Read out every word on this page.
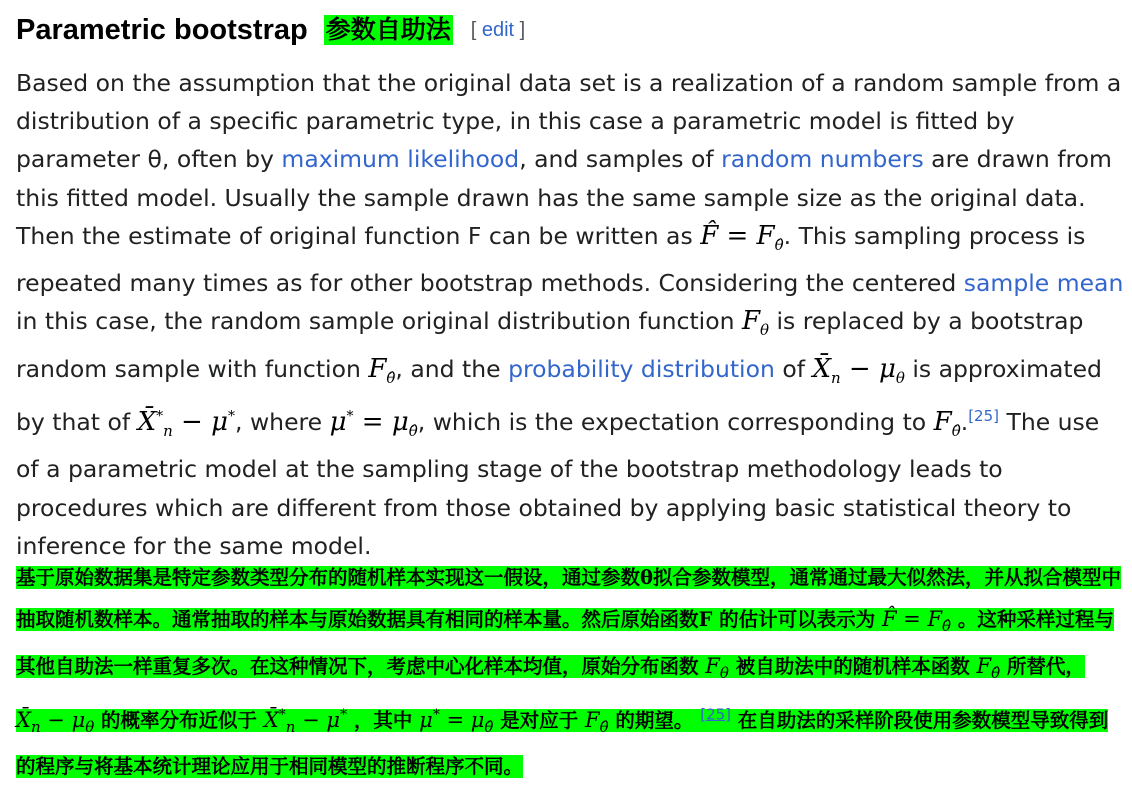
Parametric bootstrap 参数自助法 [ edit ]

Based on the assumption that the original data set is a realization of a random sample from a distribution of a specific parametric type, in this case a parametric model is fitted by parameter θ, often by maximum likelihood, and samples of random numbers are drawn from this fitted model. Usually the sample drawn has the same sample size as the original data. Then the estimate of original function F can be written as F̂ = $F_{\thetâ}$. This sampling process is repeated many times as for other bootstrap methods. Considering the centered sample mean in this case, the random sample original distribution function $F_\theta$ is replaced by a bootstrap random sample with function $F_{\thetâ}$, and the probability distribution of $X̄_n - \mu_\theta$ is approximated by that of $X̄^*_n - \mu^*$, where $\mu^* = \mu_{\thetâ}$, which is the expectation corresponding to $F_{\thetâ}.[25]$ The use of a parametric model at the sampling stage of the bootstrap methodology leads to procedures which are different from those obtained by applying basic statistical theory to inference for the same model.

基于原始数据集是特定参数类型分布的随机样本实现这一假设，通过参数θ拟合参数模型，通常通过最大似然法，并从拟合模型中抽取随机数样本。通常抽取的样本与原始数据具有相同的样本量。然后原始函数F 的估计可以表示为 F̂ = $F_{\thetâ}$ 。这种采样过程与其他自助法一样重复多次。在这种情况下，考虑中心化样本均值，原始分布函数 $F_\theta$ 被自助法中的随机样本函数 $F_{\thetâ}$ 所替代， $X̄_n - \mu_\theta$ 的概率分布近似于 $X̄^*_n - \mu^*$ ，其中 $\mu^* = \mu_{\thetâ}$ 是对应于 $F_{\thetâ}$ 的期望。 [25] 在自助法的采样阶段使用参数模型导致得到的程序与将基本统计理论应用于相同模型的推断程序不同。
